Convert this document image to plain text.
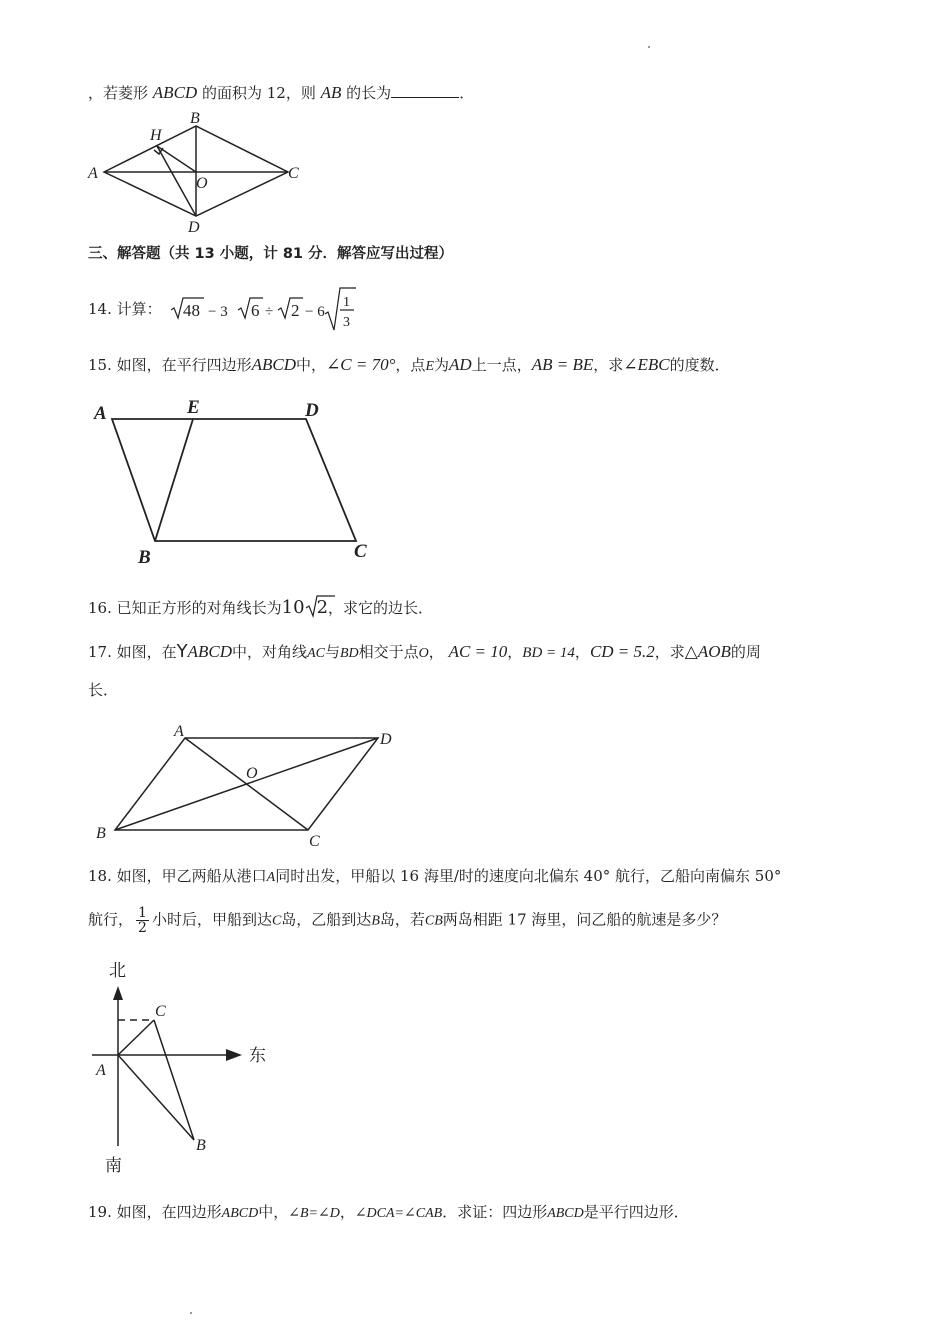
，若菱形 ABCD 的面积为 12，则 AB 的长为	．
H
B
A
O
C
D
三、解答题（共 13 小题，计 81 分．解答应写出过程）
14. 计算： 48 − 3 6 ÷ 2 − 6
1
3
15. 如图，在平行四边形ABCD中，∠C = 70°，点E为AD上一点，AB = BE，求∠EBC的度数．
A	E	D
B	C
16. 已知正方形的对角线长为10 2，求它的边长．
17. 如图，在YABCD中，对角线AC与BD相交于点O， AC = 10，BD = 14，CD = 5.2，求△AOB的周
长．
A	D
O
B	C
18. 如图，甲乙两船从港口A同时出发，甲船以 16 海里/时的速度向北偏东 40° 航行，乙船向南偏东 50°
航行， $\frac{1}{2}$ 小时后，甲船到达C岛，乙船到达B岛，若CB两岛相距 17 海里，问乙船的航速是多少？
北
东
南
A
C
B
19. 如图，在四边形ABCD中，∠B=∠D，∠DCA=∠CAB．求证：四边形ABCD是平行四边形．
